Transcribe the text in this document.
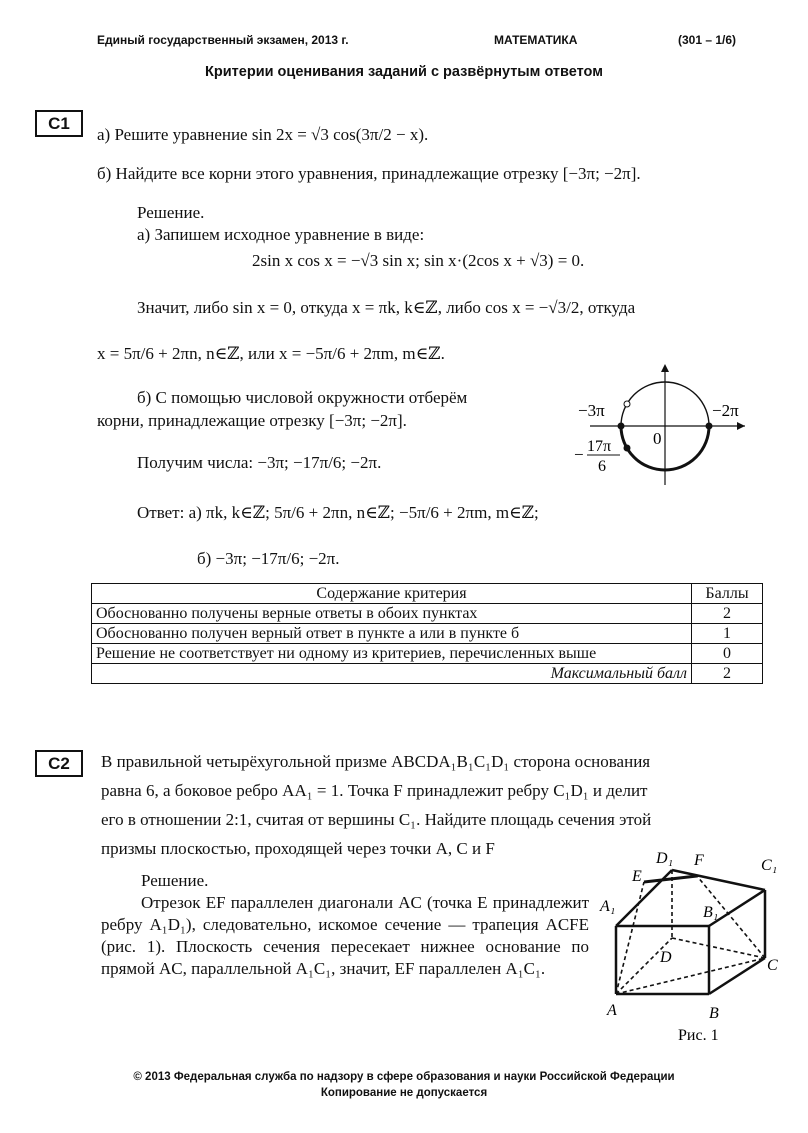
Единый государственный экзамен, 2013 г.	МАТЕМАТИКА	(301 – 1/6)
Критерии оценивания заданий с развёрнутым ответом
С1
а) Решите уравнение sin 2x = √3 cos(3π/2 − x).
б) Найдите все корни этого уравнения, принадлежащие отрезку [−3π; −2π].
Решение.
а) Запишем исходное уравнение в виде:
2sin x cos x = −√3 sin x; sin x·(2cos x + √3) = 0.
Значит, либо sin x = 0, откуда x = πk, k∈ℤ, либо cos x = −√3/2, откуда
x = 5π/6 + 2πn, n∈ℤ, или x = −5π/6 + 2πm, m∈ℤ.
б) С помощью числовой окружности отберём
корни, принадлежащие отрезку [−3π; −2π].
Получим числа: −3π; −17π/6; −2π.
Ответ: а) πk, k∈ℤ; 5π/6 + 2πn, n∈ℤ; −5π/6 + 2πm, m∈ℤ;
б) −3π; −17π/6; −2π.
−3π	−2π
0
− 17π
6
Содержание критерия	Баллы
Обоснованно получены верные ответы в обоих пунктах	2
Обоснованно получен верный ответ в пункте а или в пункте б	1
Решение не соответствует ни одному из критериев, перечисленных выше	0
Максимальный балл	2
С2	В правильной четырёхугольной призме ABCDA₁B₁C₁D₁ сторона основания
равна 6, а боковое ребро AA₁ = 1. Точка F принадлежит ребру C₁D₁ и делит
его в отношении 2:1, считая от вершины C₁. Найдите площадь сечения этой
призмы плоскостью, проходящей через точки A, C и F
Решение.
Отрезок EF параллелен диагонали AC (точка E принадлежит ребру A₁D₁), следовательно, искомое сечение — трапеция ACFE (рис. 1). Плоскость сечения пересекает нижнее основание по прямой AC, параллельной A₁C₁, значит, EF параллелен A₁C₁.
A	B
C
D
A₁	B₁
C₁
D₁
E
F
Рис. 1
© 2013 Федеральная служба по надзору в сфере образования и науки Российской Федерации
Копирование не допускается
